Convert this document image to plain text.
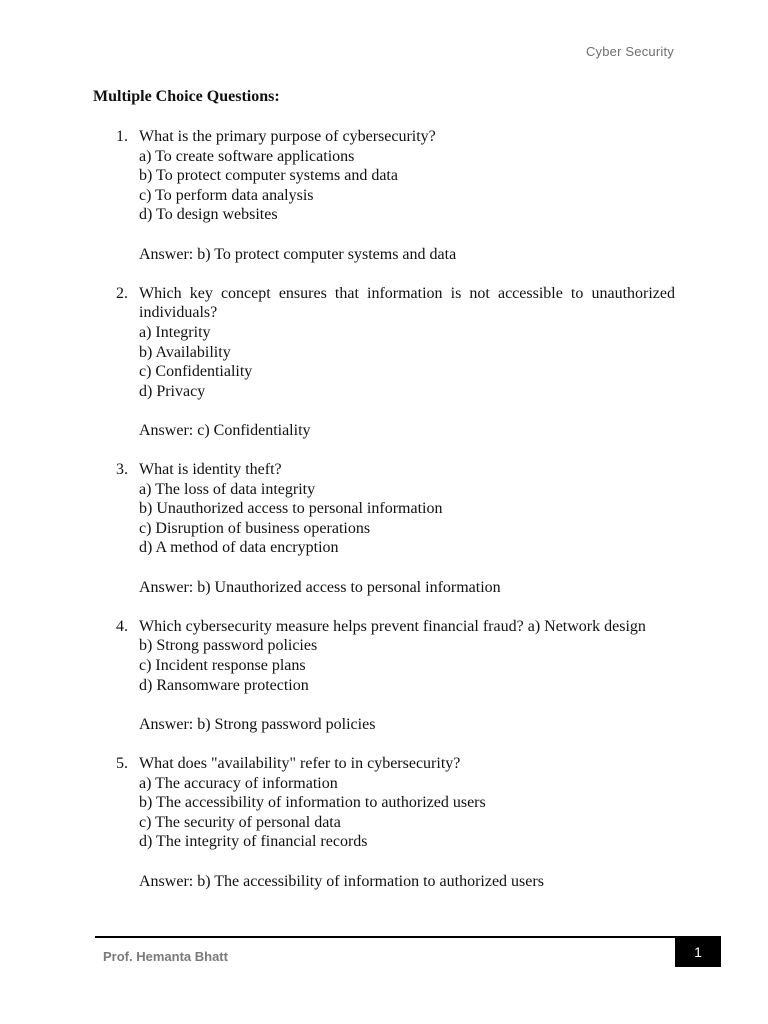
Cyber Security
Multiple Choice Questions:
1. What is the primary purpose of cybersecurity?
a) To create software applications
b) To protect computer systems and data
c) To perform data analysis
d) To design websites
Answer: b) To protect computer systems and data
2. Which key concept ensures that information is not accessible to unauthorized individuals?
a) Integrity
b) Availability
c) Confidentiality
d) Privacy
Answer: c) Confidentiality
3. What is identity theft?
a) The loss of data integrity
b) Unauthorized access to personal information
c) Disruption of business operations
d) A method of data encryption
Answer: b) Unauthorized access to personal information
4. Which cybersecurity measure helps prevent financial fraud? a) Network design
b) Strong password policies
c) Incident response plans
d) Ransomware protection
Answer: b) Strong password policies
5. What does "availability" refer to in cybersecurity?
a) The accuracy of information
b) The accessibility of information to authorized users
c) The security of personal data
d) The integrity of financial records
Answer: b) The accessibility of information to authorized users
Prof. Hemanta Bhatt	1
